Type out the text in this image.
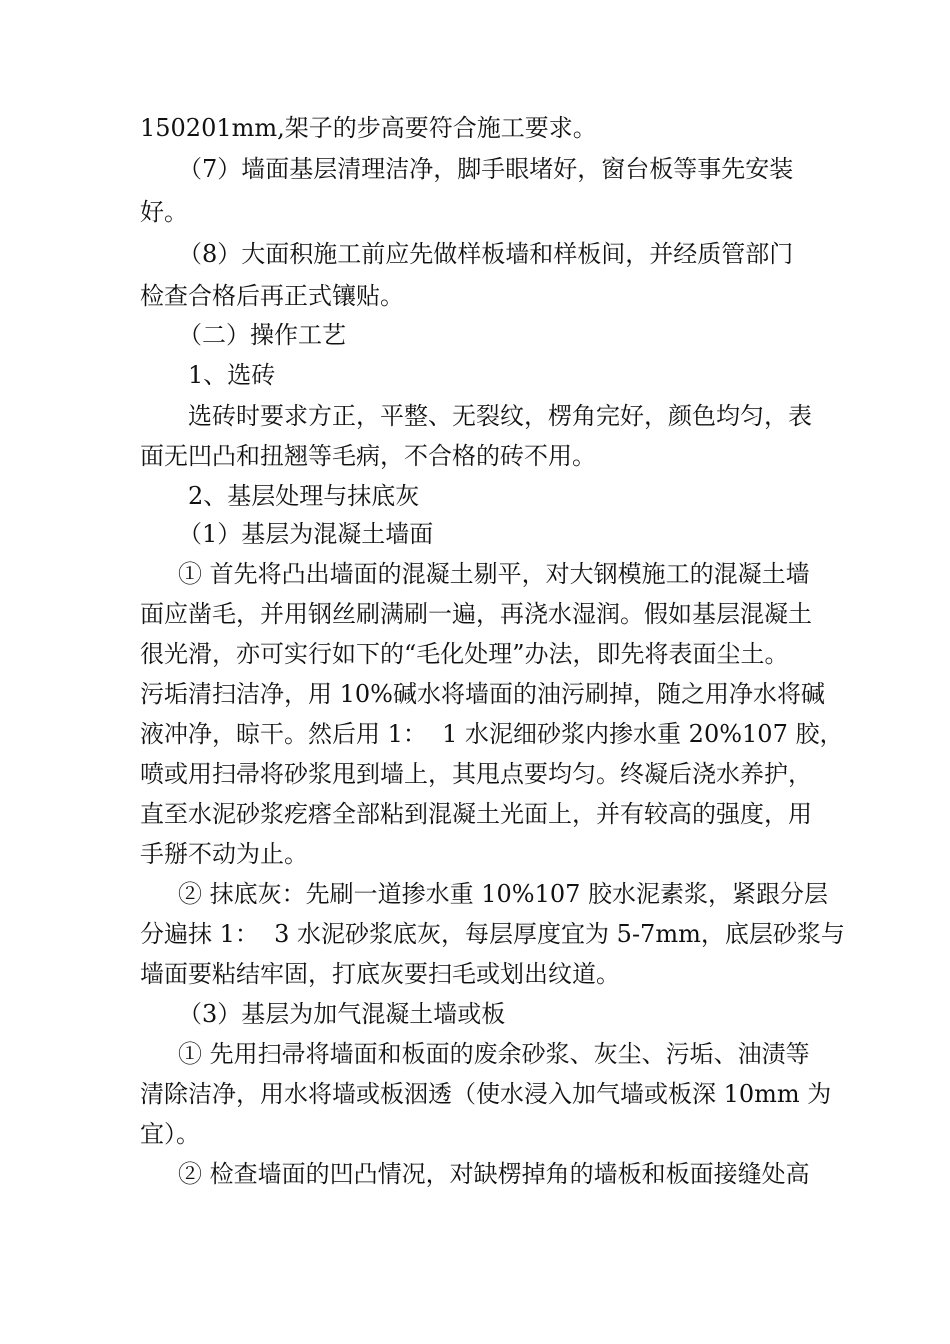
150201mm,架子的步高要符合施工要求。
（7）墙面基层清理洁净，脚手眼堵好，窗台板等事先安装
好。
（8）大面积施工前应先做样板墙和样板间，并经质管部门
检查合格后再正式镶贴。
（二）操作工艺
1、选砖
选砖时要求方正，平整、无裂纹，楞角完好，颜色均匀，表
面无凹凸和扭翘等毛病，不合格的砖不用。
2、基层处理与抹底灰
（1）基层为混凝土墙面
① 首先将凸出墙面的混凝土剔平，对大钢模施工的混凝土墙
面应凿毛，并用钢丝刷满刷一遍，再浇水湿润。假如基层混凝土
很光滑，亦可实行如下的“毛化处理”办法，即先将表面尘土。
污垢清扫洁净，用 10%碱水将墙面的油污刷掉，随之用净水将碱
液冲净，晾干。然后用 1：  1 水泥细砂浆内掺水重 20%107 胶，
喷或用扫帚将砂浆甩到墙上，其甩点要均匀。终凝后浇水养护，
直至水泥砂浆疙瘩全部粘到混凝土光面上，并有较高的强度，用
手掰不动为止。
② 抹底灰：先刷一道掺水重 10%107 胶水泥素浆，紧跟分层
分遍抹 1：  3 水泥砂浆底灰，每层厚度宜为 5-7mm，底层砂浆与
墙面要粘结牢固，打底灰要扫毛或划出纹道。
（3）基层为加气混凝土墙或板
① 先用扫帚将墙面和板面的废余砂浆、灰尘、污垢、油渍等
清除洁净，用水将墙或板洇透（使水浸入加气墙或板深 10mm 为
宜）。
② 检查墙面的凹凸情况，对缺楞掉角的墙板和板面接缝处高
